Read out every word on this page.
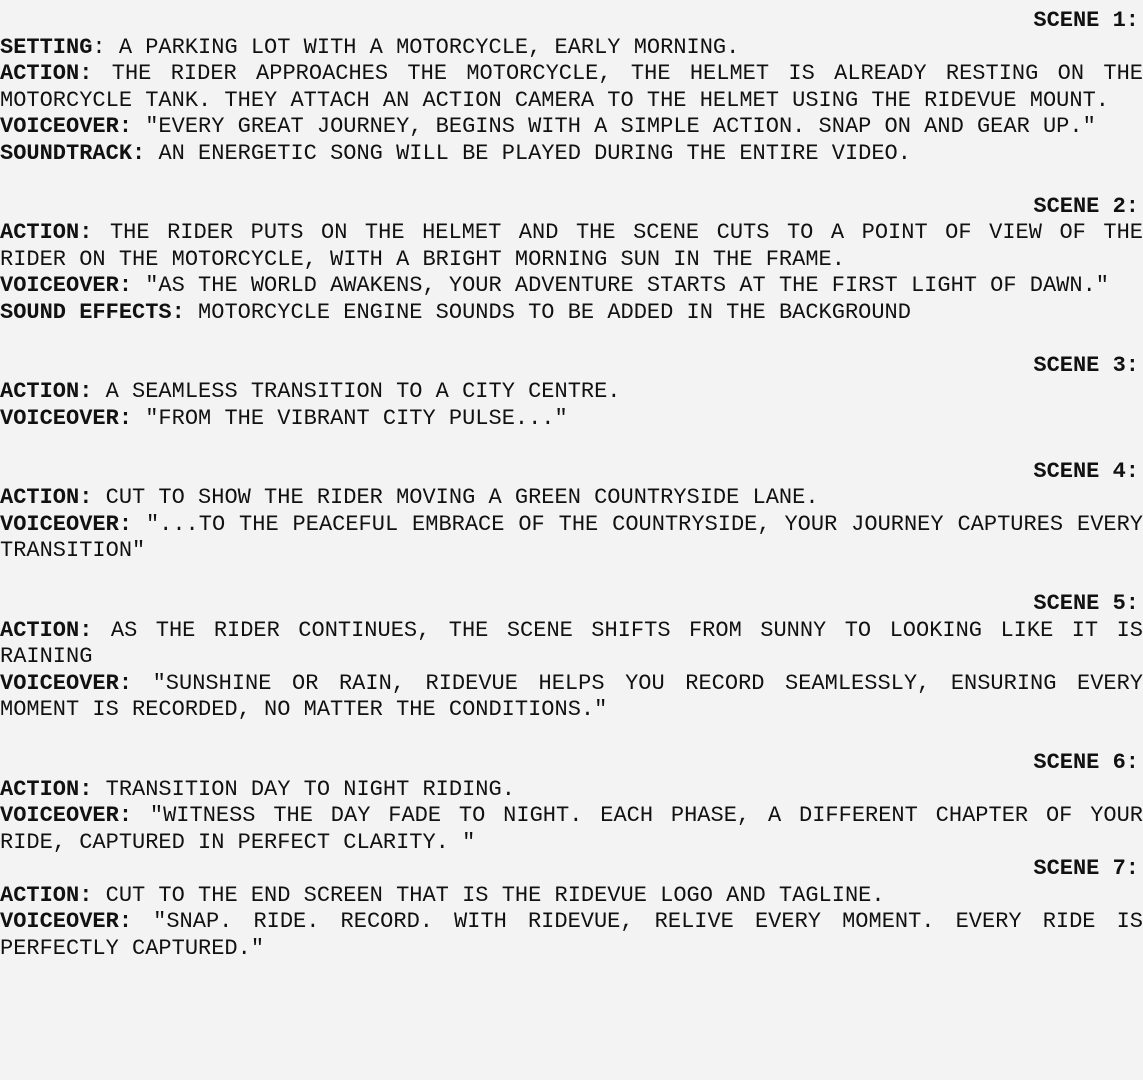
SCENE 1:
SETTING: A PARKING LOT WITH A MOTORCYCLE, EARLY MORNING.
ACTION: THE RIDER APPROACHES THE MOTORCYCLE, THE HELMET IS ALREADY RESTING ON THE MOTORCYCLE TANK. THEY ATTACH AN ACTION CAMERA TO THE HELMET USING THE RIDEVUE MOUNT.
VOICEOVER: "EVERY GREAT JOURNEY, BEGINS WITH A SIMPLE ACTION. SNAP ON AND GEAR UP."
SOUNDTRACK: AN ENERGETIC SONG WILL BE PLAYED DURING THE ENTIRE VIDEO.
SCENE 2:
ACTION: THE RIDER PUTS ON THE HELMET AND THE SCENE CUTS TO A POINT OF VIEW OF THE RIDER ON THE MOTORCYCLE, WITH A BRIGHT MORNING SUN IN THE FRAME.
VOICEOVER: "AS THE WORLD AWAKENS, YOUR ADVENTURE STARTS AT THE FIRST LIGHT OF DAWN."
SOUND EFFECTS: MOTORCYCLE ENGINE SOUNDS TO BE ADDED IN THE BACKGROUND
SCENE 3:
ACTION: A SEAMLESS TRANSITION TO A CITY CENTRE.
VOICEOVER: "FROM THE VIBRANT CITY PULSE..."
SCENE 4:
ACTION: CUT TO SHOW THE RIDER MOVING A GREEN COUNTRYSIDE LANE.
VOICEOVER: "...TO THE PEACEFUL EMBRACE OF THE COUNTRYSIDE, YOUR JOURNEY CAPTURES EVERY TRANSITION"
SCENE 5:
ACTION: AS THE RIDER CONTINUES, THE SCENE SHIFTS FROM SUNNY TO LOOKING LIKE IT IS RAINING
VOICEOVER: "SUNSHINE OR RAIN, RIDEVUE HELPS YOU RECORD SEAMLESSLY, ENSURING EVERY MOMENT IS RECORDED, NO MATTER THE CONDITIONS."
SCENE 6:
ACTION: TRANSITION DAY TO NIGHT RIDING.
VOICEOVER: "WITNESS THE DAY FADE TO NIGHT. EACH PHASE, A DIFFERENT CHAPTER OF YOUR RIDE, CAPTURED IN PERFECT CLARITY. "
SCENE 7:
ACTION: CUT TO THE END SCREEN THAT IS THE RIDEVUE LOGO AND TAGLINE.
VOICEOVER: "SNAP. RIDE. RECORD. WITH RIDEVUE, RELIVE EVERY MOMENT. EVERY RIDE IS PERFECTLY CAPTURED."
